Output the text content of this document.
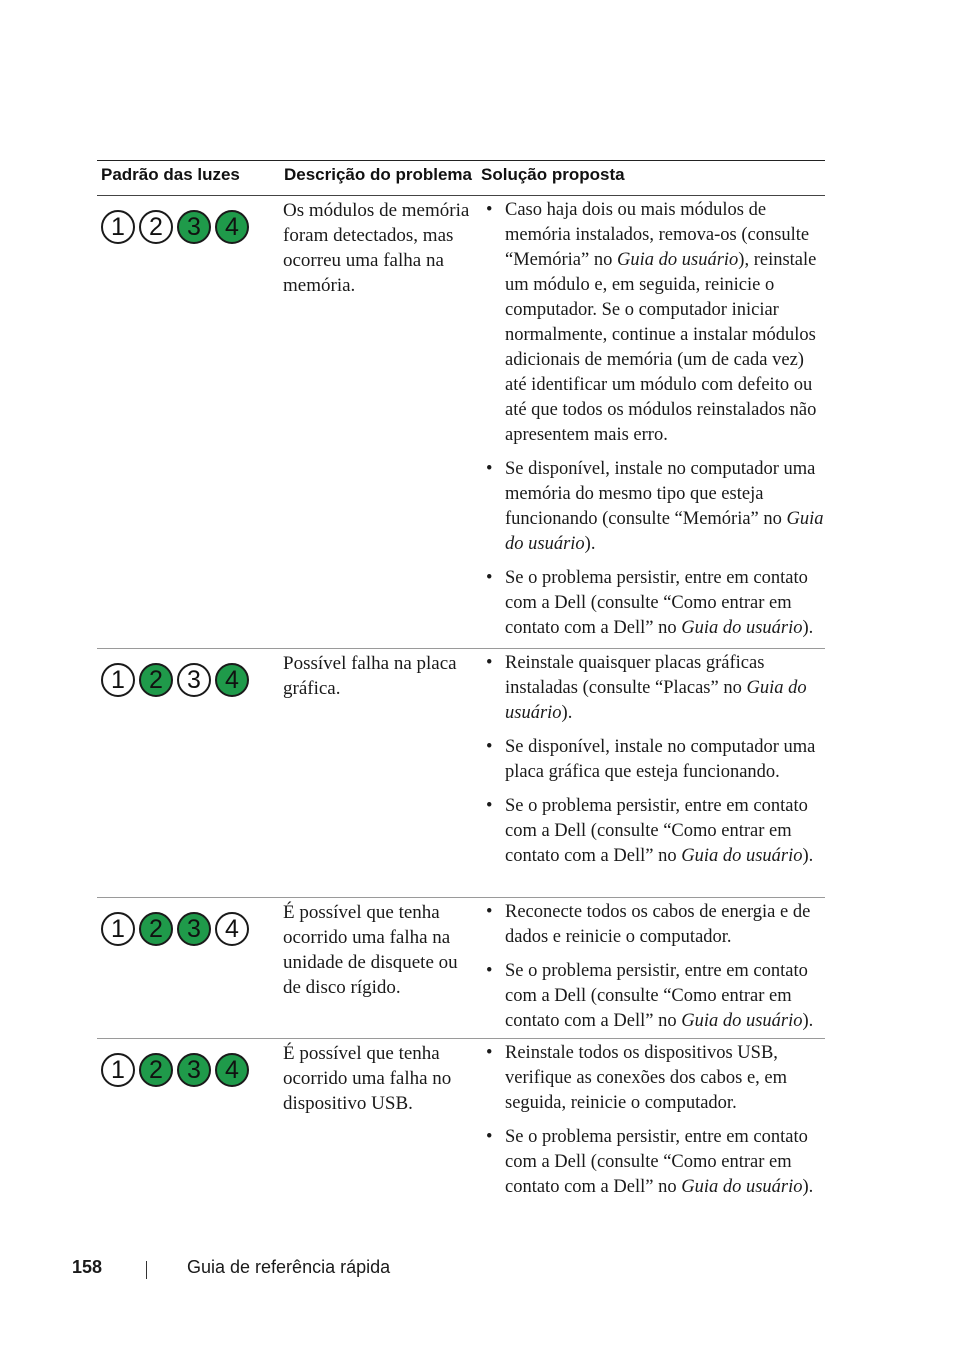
Padrão das luzes	Descrição do problema Solução proposta
1 2 3 4
Os módulos de memória foram detectados, mas ocorreu uma falha na memória.
• Caso haja dois ou mais módulos de memória instalados, remova-os (consulte “Memória” no Guia do usuário), reinstale um módulo e, em seguida, reinicie o computador. Se o computador iniciar normalmente, continue a instalar módulos adicionais de memória (um de cada vez) até identificar um módulo com defeito ou até que todos os módulos reinstalados não apresentem mais erro.
• Se disponível, instale no computador uma memória do mesmo tipo que esteja funcionando (consulte “Memória” no Guia do usuário).
• Se o problema persistir, entre em contato com a Dell (consulte “Como entrar em contato com a Dell” no Guia do usuário).
1 2 3 4
Possível falha na placa gráfica.
• Reinstale quaisquer placas gráficas instaladas (consulte “Placas” no Guia do usuário).
• Se disponível, instale no computador uma placa gráfica que esteja funcionando.
• Se o problema persistir, entre em contato com a Dell (consulte “Como entrar em contato com a Dell” no Guia do usuário).
1 2 3 4
É possível que tenha ocorrido uma falha na unidade de disquete ou de disco rígido.
• Reconecte todos os cabos de energia e de dados e reinicie o computador.
• Se o problema persistir, entre em contato com a Dell (consulte “Como entrar em contato com a Dell” no Guia do usuário).
1 2 3 4
É possível que tenha ocorrido uma falha no dispositivo USB.
• Reinstale todos os dispositivos USB, verifique as conexões dos cabos e, em seguida, reinicie o computador.
• Se o problema persistir, entre em contato com a Dell (consulte “Como entrar em contato com a Dell” no Guia do usuário).
158	Guia de referência rápida
